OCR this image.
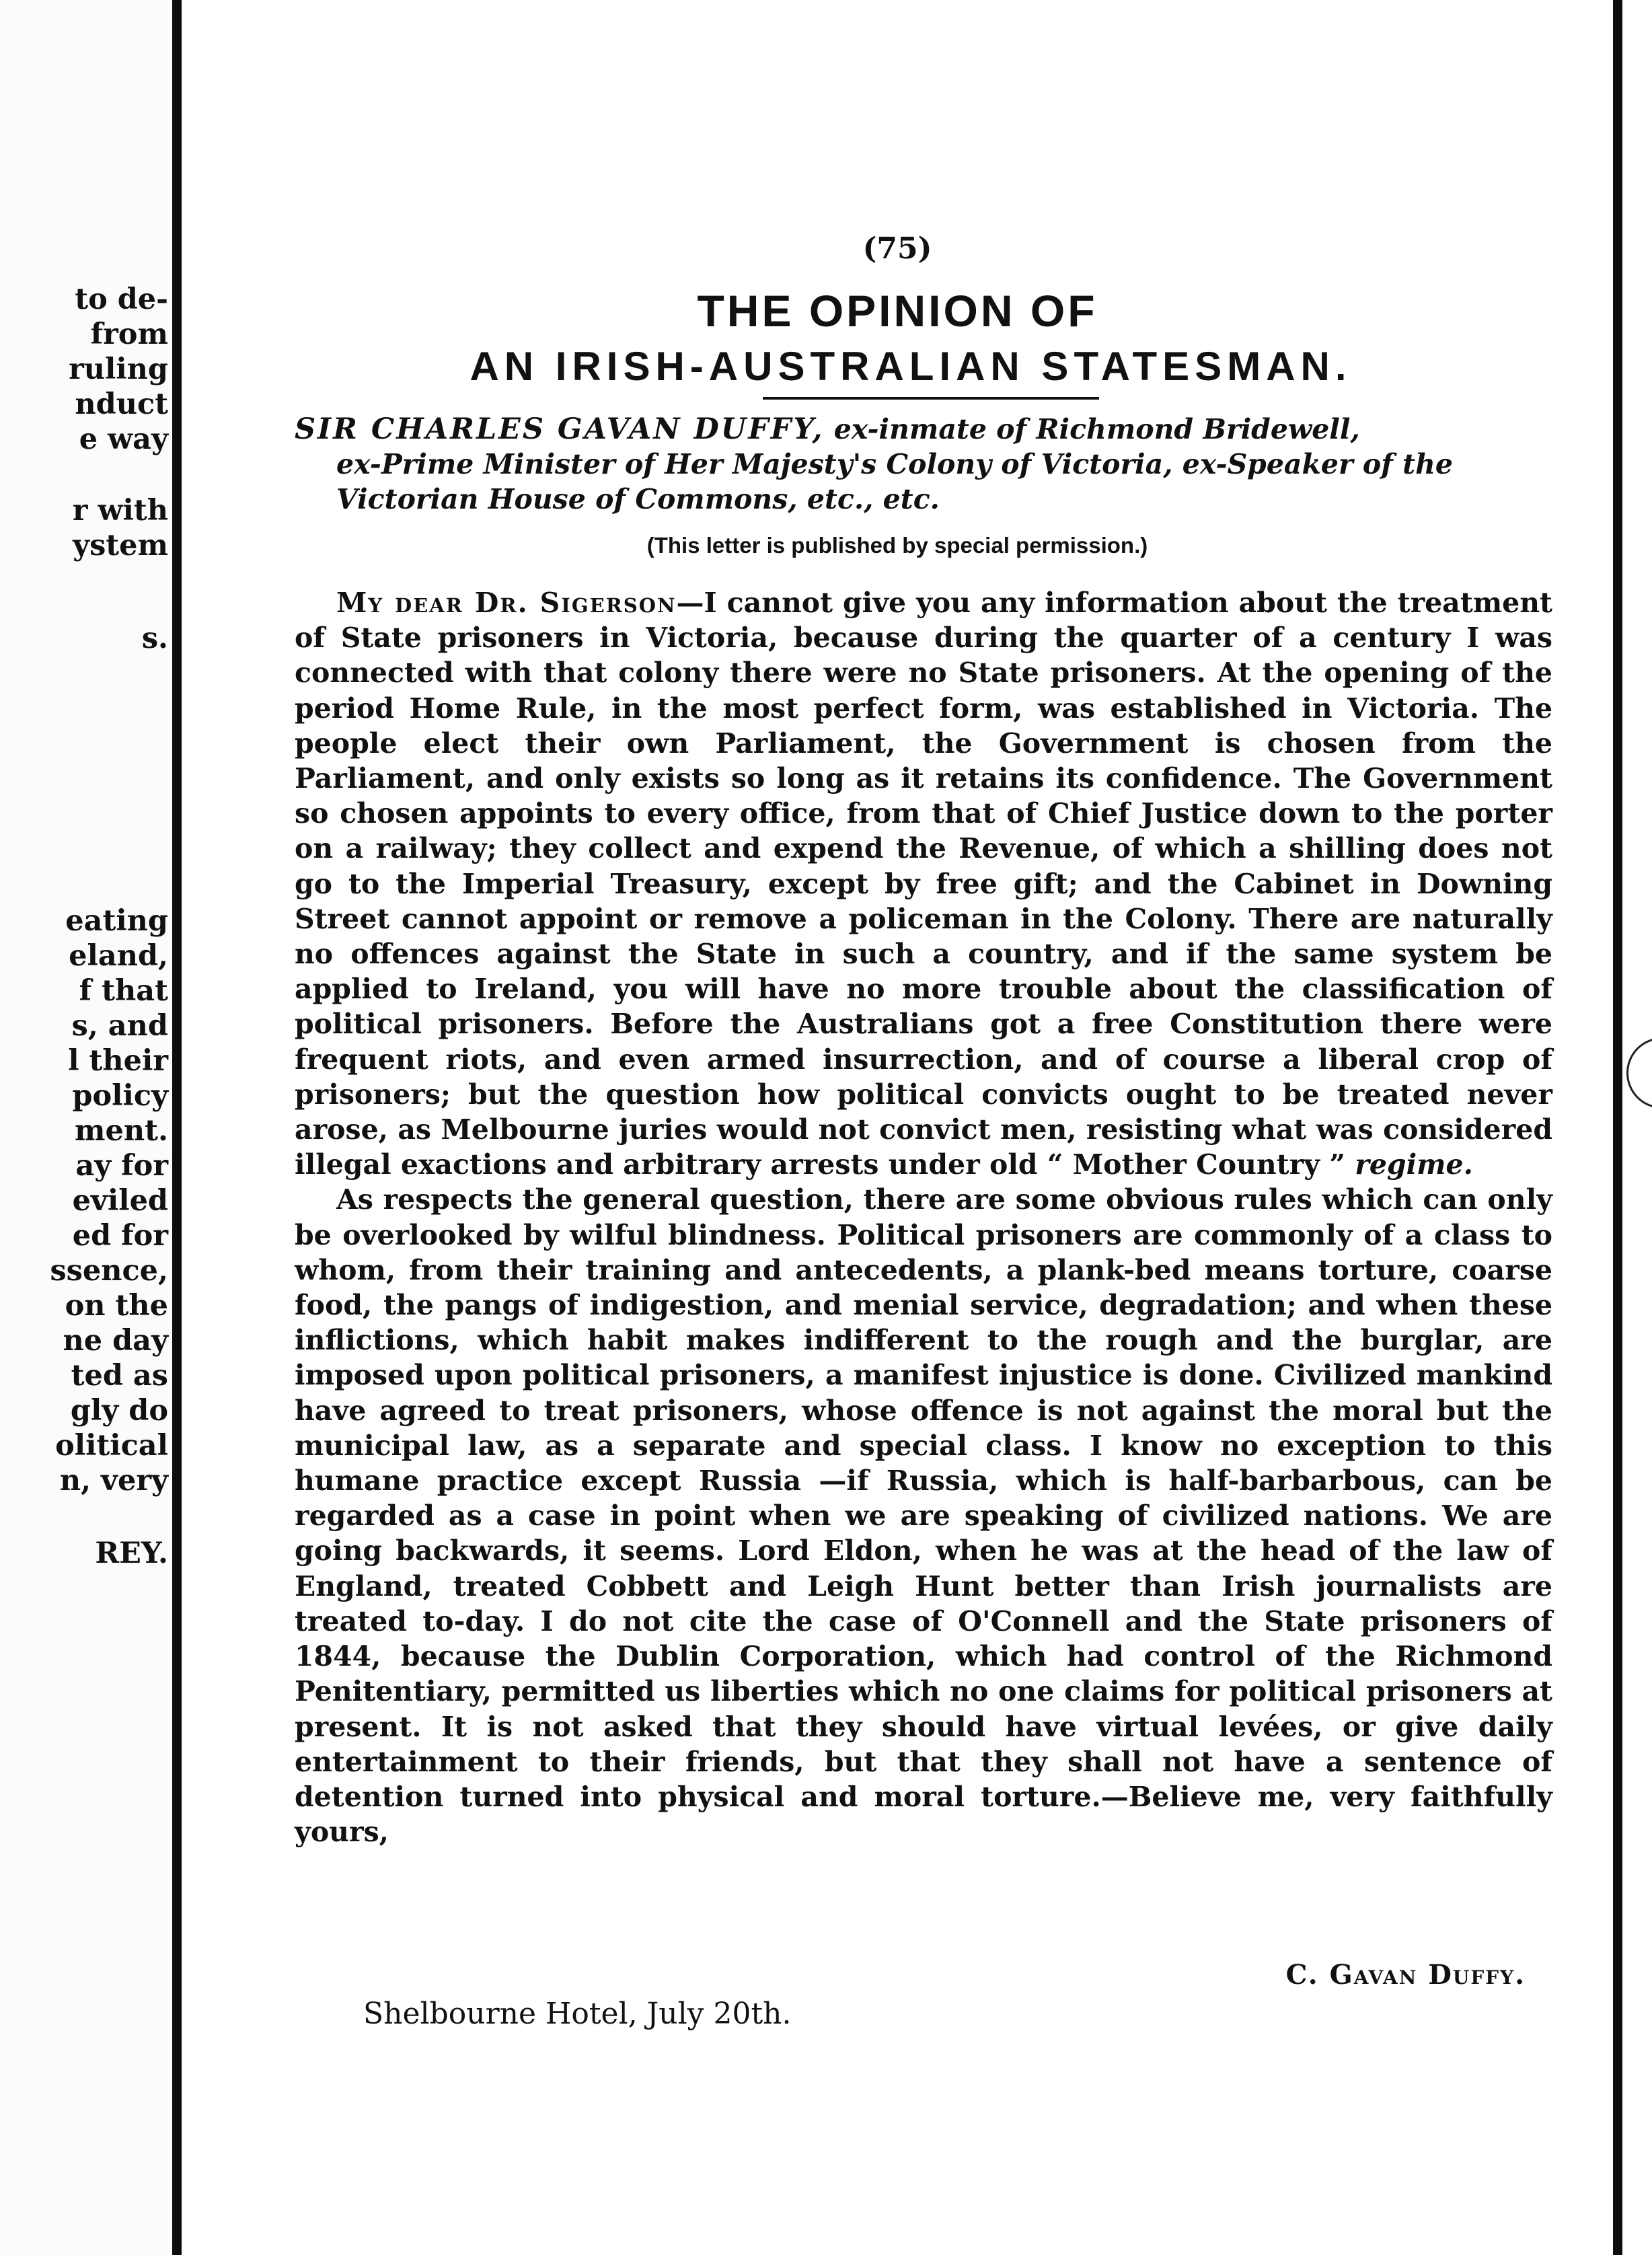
to de-
from
ruling
nduct
e way
r with
ystem
s.
eating
eland,
f that
s, and
l their
policy
ment.
ay for
eviled
ed for
ssence,
on the
ne day
ted as
gly do
olitical
n, very
REY.
(75)
THE OPINION OF
AN IRISH-AUSTRALIAN STATESMAN.
SIR CHARLES GAVAN DUFFY, ex-inmate of Richmond Bridewell,
ex-Prime Minister of Her Majesty's Colony of Victoria, ex-Speaker of the
Victorian House of Commons, etc., etc.
(This letter is published by special permission.)

My dear Dr. Sigerson—I cannot give you any information about the treatment of State prisoners in Victoria, because during the quarter of a century I was connected with that colony there were no State prisoners. At the opening of the period Home Rule, in the most perfect form, was established in Victoria. The people elect their own Parliament, the Government is chosen from the Parliament, and only exists so long as it retains its confidence. The Government so chosen appoints to every office, from that of Chief Justice down to the porter on a railway; they collect and expend the Revenue, of which a shilling does not go to the Imperial Treasury, except by free gift; and the Cabinet in Downing Street cannot appoint or remove a policeman in the Colony. There are naturally no offences against the State in such a country, and if the same system be applied to Ireland, you will have no more trouble about the classification of political prisoners. Before the Australians got a free Constitution there were frequent riots, and even armed insurrection, and of course a liberal crop of prisoners; but the question how political convicts ought to be treated never arose, as Melbourne juries would not convict men, resisting what was considered illegal exactions and arbitrary arrests under old “ Mother Country ” regime.

As respects the general question, there are some obvious rules which can only be overlooked by wilful blindness. Political prisoners are commonly of a class to whom, from their training and antecedents, a plank-bed means torture, coarse food, the pangs of indigestion, and menial service, degradation; and when these inflictions, which habit makes indifferent to the rough and the burglar, are imposed upon political prisoners, a manifest injustice is done. Civilized mankind have agreed to treat prisoners, whose offence is not against the moral but the municipal law, as a separate and special class. I know no exception to this humane practice except Russia —if Russia, which is half-barbarbous, can be regarded as a case in point when we are speaking of civilized nations. We are going backwards, it seems. Lord Eldon, when he was at the head of the law of England, treated Cobbett and Leigh Hunt better than Irish journalists are treated to-day. I do not cite the case of O'Connell and the State prisoners of 1844, because the Dublin Corporation, which had control of the Richmond Penitentiary, permitted us liberties which no one claims for political prisoners at present. It is not asked that they should have virtual levées, or give daily entertainment to their friends, but that they shall not have a sentence of detention turned into physical and moral torture.—Believe me, very faithfully yours,

C. Gavan Duffy.
Shelbourne Hotel, July 20th.
